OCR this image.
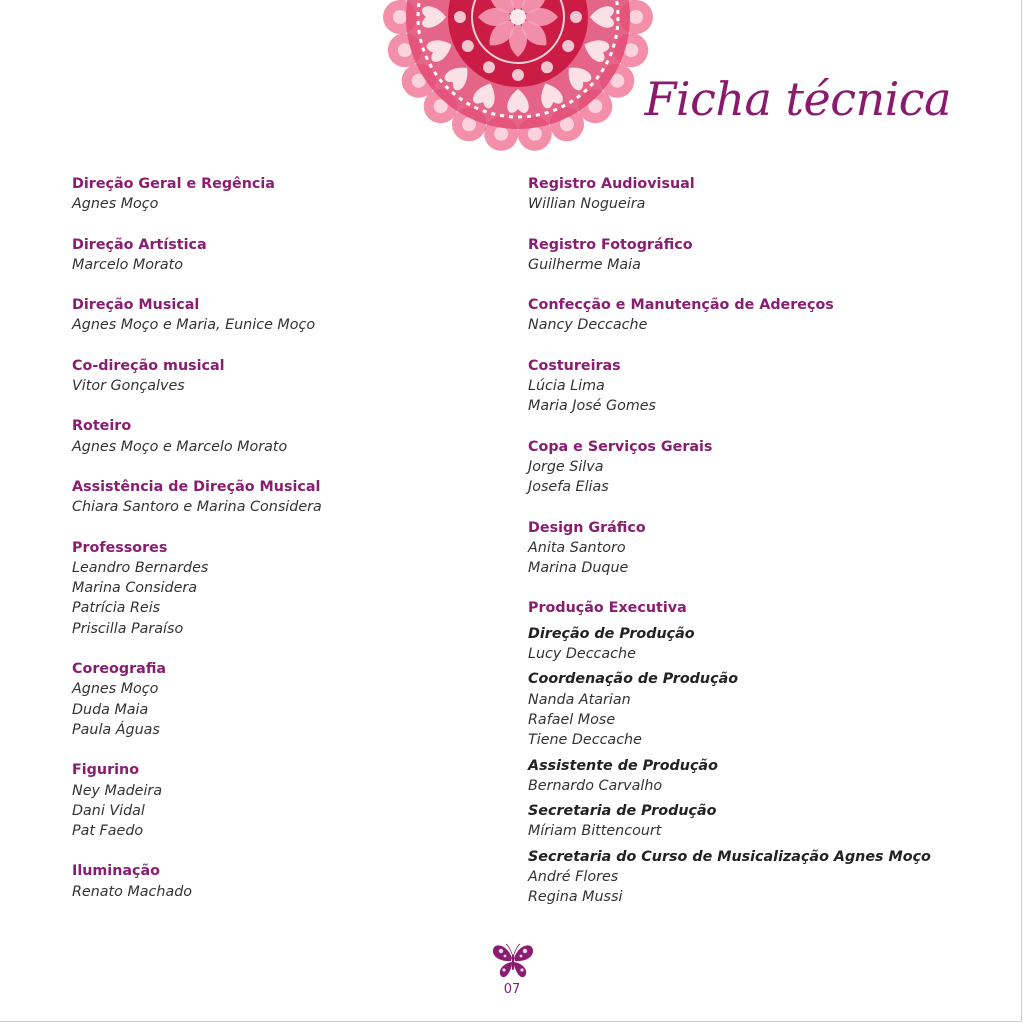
Ficha técnica
Direção Geral e Regência
Agnes Moço
Direção Artística
Marcelo Morato
Direção Musical
Agnes Moço e Maria, Eunice Moço
Co-direção musical
Vitor Gonçalves
Roteiro
Agnes Moço e Marcelo Morato
Assistência de Direção Musical
Chiara Santoro e Marina Considera
Professores
Leandro Bernardes
Marina Considera
Patrícia Reis
Priscilla Paraíso
Coreografia
Agnes Moço
Duda Maia
Paula Águas
Figurino
Ney Madeira
Dani Vidal
Pat Faedo
Iluminação
Renato Machado
Registro Audiovisual
Willian Nogueira
Registro Fotográfico
Guilherme Maia
Confecção e Manutenção de Adereços
Nancy Deccache
Costureiras
Lúcia Lima
Maria José Gomes
Copa e Serviços Gerais
Jorge Silva
Josefa Elias
Design Gráfico
Anita Santoro
Marina Duque
Produção Executiva
Direção de Produção
Lucy Deccache
Coordenação de Produção
Nanda Atarian
Rafael Mose
Tiene Deccache
Assistente de Produção
Bernardo Carvalho
Secretaria de Produção
Míriam Bittencourt
Secretaria do Curso de Musicalização Agnes Moço
André Flores
Regina Mussi
07
